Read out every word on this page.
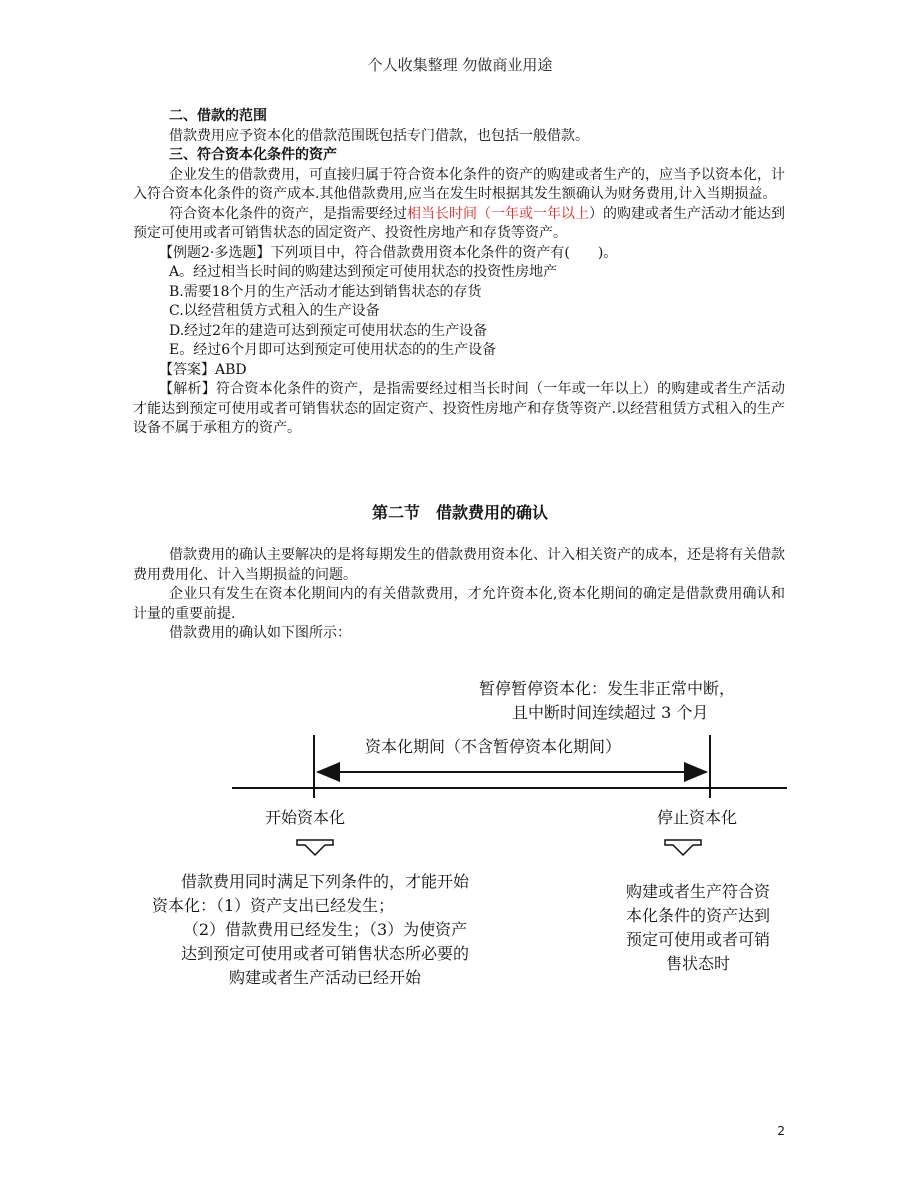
个人收集整理 勿做商业用途

二、借款的范围

借款费用应予资本化的借款范围既包括专门借款，也包括一般借款。

三、符合资本化条件的资产

企业发生的借款费用，可直接归属于符合资本化条件的资产的购建或者生产的，应当予以资本化，计入符合资本化条件的资产成本.其他借款费用,应当在发生时根据其发生额确认为财务费用,计入当期损益。

符合资本化条件的资产，是指需要经过相当长时间（一年或一年以上）的购建或者生产活动才能达到预定可使用或者可销售状态的固定资产、投资性房地产和存货等资产。

【例题2·多选题】下列项目中，符合借款费用资本化条件的资产有(　　)。

A。经过相当长时间的购建达到预定可使用状态的投资性房地产

B.需要18个月的生产活动才能达到销售状态的存货

C.以经营租赁方式租入的生产设备

D.经过2年的建造可达到预定可使用状态的生产设备

E。经过6个月即可达到预定可使用状态的的生产设备

【答案】ABD

【解析】符合资本化条件的资产，是指需要经过相当长时间（一年或一年以上）的购建或者生产活动才能达到预定可使用或者可销售状态的固定资产、投资性房地产和存货等资产.以经营租赁方式租入的生产设备不属于承租方的资产。

第二节　借款费用的确认

借款费用的确认主要解决的是将每期发生的借款费用资本化、计入相关资产的成本，还是将有关借款费用费用化、计入当期损益的问题。

企业只有发生在资本化期间内的有关借款费用，才允许资本化,资本化期间的确定是借款费用确认和计量的重要前提.

借款费用的确认如下图所示：

暂停暂停资本化：发生非正常中断，
且中断时间连续超过 3 个月
资本化期间（不含暂停资本化期间）
开始资本化	停止资本化
借款费用同时满足下列条件的，才能开始
资本化：（1）资产支出已经发生；
（2）借款费用已经发生；（3）为使资产
达到预定可使用或者可销售状态所必要的
购建或者生产活动已经开始
购建或者生产符合资
本化条件的资产达到
预定可使用或者可销
售状态时
2
